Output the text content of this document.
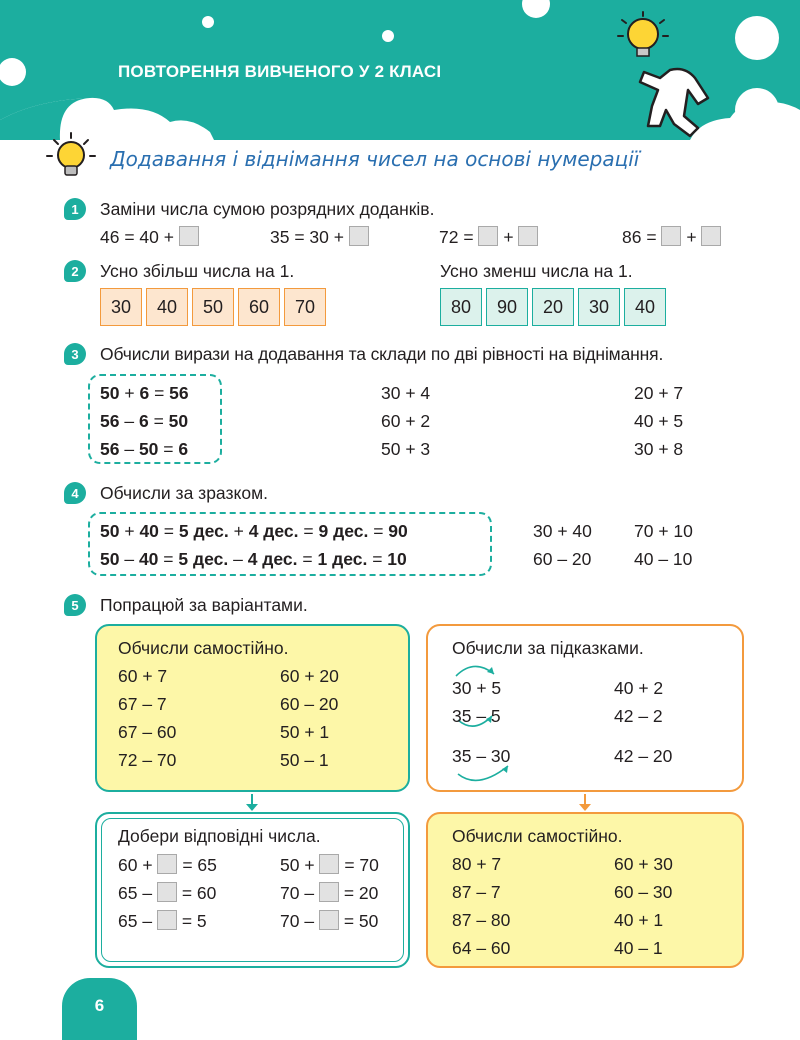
ПОВТОРЕННЯ ВИВЧЕНОГО У 2 КЛАСІ
Додавання і віднімання чисел на основі нумерації
1	Заміни числа сумою розрядних доданків.
46 = 40 +	35 = 30 +	72 = +	86 = +
2	Усно збільш числа на 1.	Усно зменш числа на 1.
30	40	50	60	70	80	90	20	30	40
3	Обчисли вирази на додавання та склади по дві рівності на віднімання.
50 + 6 = 56
56 – 6 = 50
56 – 50 = 6
30 + 4
60 + 2
50 + 3
20 + 7
40 + 5
30 + 8
4	Обчисли за зразком.
50 + 40 = 5 дес. + 4 дес. = 9 дес. = 90
50 – 40 = 5 дес. – 4 дес. = 1 дес. = 10
30 + 40
60 – 20
70 + 10
40 – 10
5	Попрацюй за варіантами.
Обчисли самостійно.
60 + 7
67 – 7
67 – 60
72 – 70
60 + 20
60 – 20
50 + 1
50 – 1
Обчисли за підказками.
30 + 5
35 – 5
35 – 30
40 + 2
42 – 2
42 – 20
Добери відповідні числа.
60 + = 65
65 – = 60
65 – = 5
50 + = 70
70 – = 20
70 – = 50
Обчисли самостійно.
80 + 7
87 – 7
87 – 80
64 – 60
60 + 30
60 – 30
40 + 1
40 – 1
6
